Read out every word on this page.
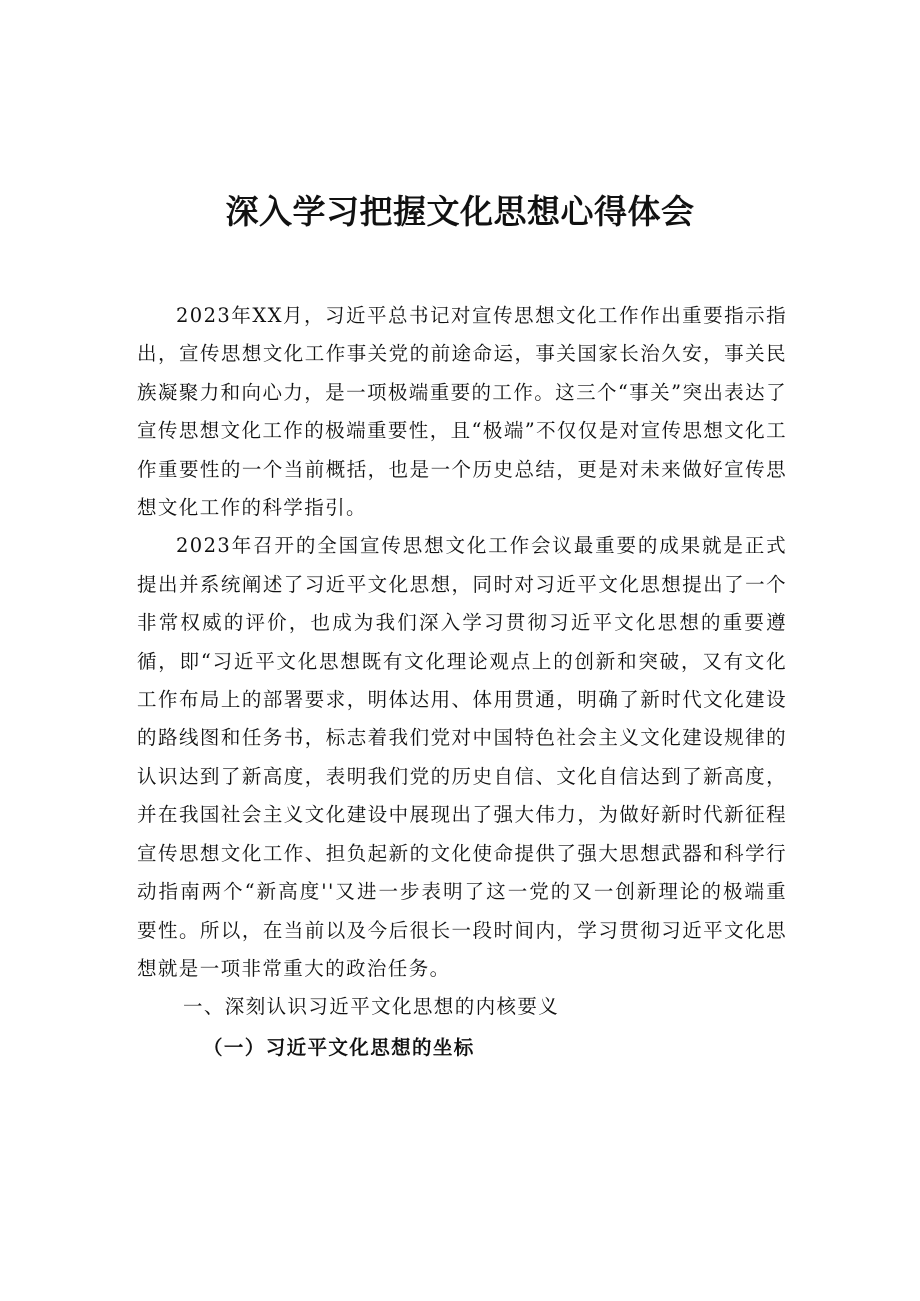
深入学习把握文化思想心得体会

2023年XX月，习近平总书记对宣传思想文化工作作出重要指示指出，宣传思想文化工作事关党的前途命运，事关国家长治久安，事关民族凝聚力和向心力，是一项极端重要的工作。这三个“事关”突出表达了宣传思想文化工作的极端重要性，且“极端”不仅仅是对宣传思想文化工作重要性的一个当前概括，也是一个历史总结，更是对未来做好宣传思想文化工作的科学指引。

2023年召开的全国宣传思想文化工作会议最重要的成果就是正式提出并系统阐述了习近平文化思想，同时对习近平文化思想提出了一个非常权威的评价，也成为我们深入学习贯彻习近平文化思想的重要遵循，即“习近平文化思想既有文化理论观点上的创新和突破，又有文化工作布局上的部署要求，明体达用、体用贯通，明确了新时代文化建设的路线图和任务书，标志着我们党对中国特色社会主义文化建设规律的认识达到了新高度，表明我们党的历史自信、文化自信达到了新高度，并在我国社会主义文化建设中展现出了强大伟力，为做好新时代新征程宣传思想文化工作、担负起新的文化使命提供了强大思想武器和科学行动指南两个“新高度''又进一步表明了这一党的又一创新理论的极端重要性。所以，在当前以及今后很长一段时间内，学习贯彻习近平文化思想就是一项非常重大的政治任务。

一、深刻认识习近平文化思想的内核要义

（一）习近平文化思想的坐标
